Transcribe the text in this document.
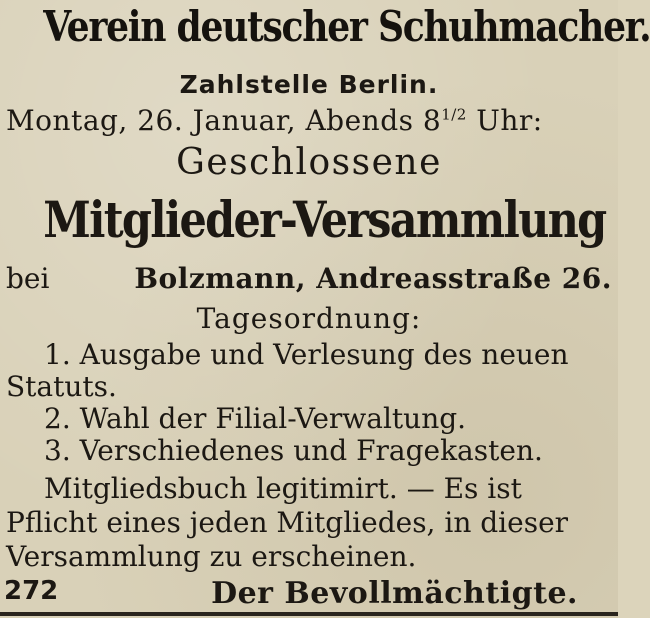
Verein deutscher Schuhmacher.
Zahlstelle Berlin.
Montag, 26. Januar, Abends $8^{1/2}$ Uhr:
Geschlossene
Mitglieder-Versammlung
bei	Bolzmann, Andreasstraße 26.
Tagesordnung:
1. Ausgabe und Verlesung des neuen
Statuts.
2. Wahl der Filial-Verwaltung.
3. Verschiedenes und Fragekasten.
Mitgliedsbuch legitimirt. — Es ist
Pflicht eines jeden Mitgliedes, in dieser
Versammlung zu erscheinen.
272	Der Bevollmächtigte.
